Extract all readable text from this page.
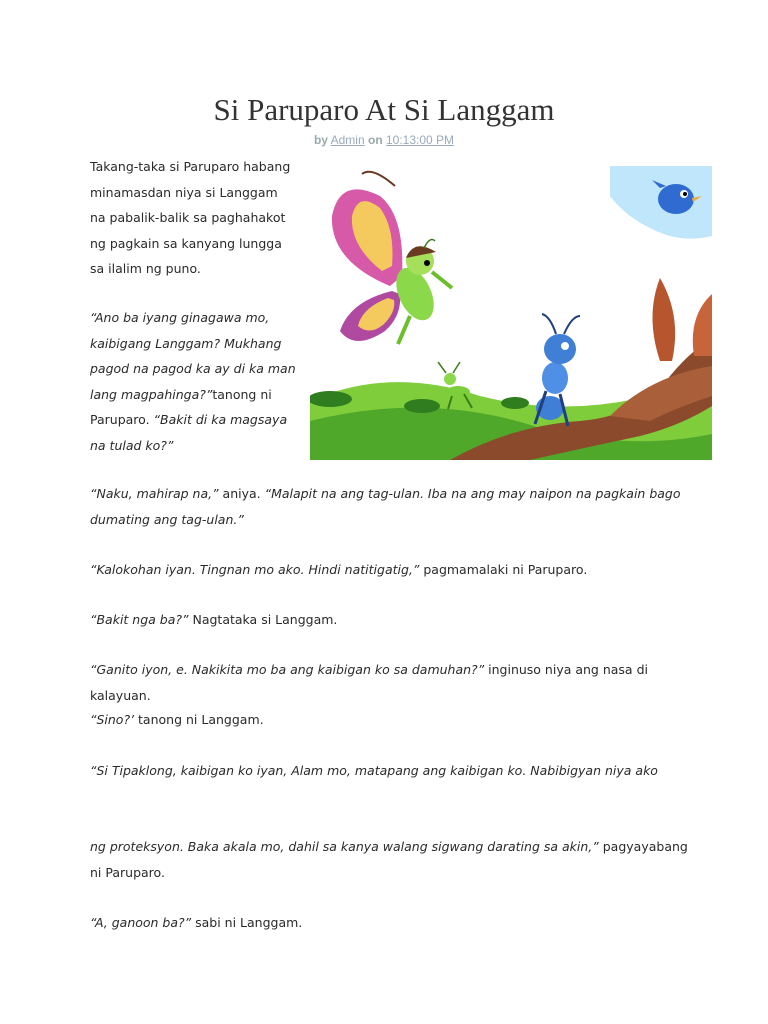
Si Paruparo At Si Langgam
by Admin on 10:13:00 PM
Takang-taka si Paruparo habang minamasdan niya si Langgam na pabalik-balik sa paghahakot ng pagkain sa kanyang lungga sa ilalim ng puno.
“Ano ba iyang ginagawa mo, kaibigang Langgam? Mukhang pagod na pagod ka ay di ka man lang magpahinga?”tanong ni Paruparo. “Bakit di ka magsaya na tulad ko?”
“Naku, mahirap na,” aniya. “Malapit na ang tag-ulan. Iba na ang may naipon na pagkain bago dumating ang tag-ulan.”
“Kalokohan iyan. Tingnan mo ako. Hindi natitigatig,” pagmamalaki ni Paruparo.
“Bakit nga ba?” Nagtataka si Langgam.
“Ganito iyon, e. Nakikita mo ba ang kaibigan ko sa damuhan?” inginuso niya ang nasa di kalayuan.
“Sino?’ tanong ni Langgam.
“Si Tipaklong, kaibigan ko iyan, Alam mo, matapang ang kaibigan ko. Nabibigyan niya ako
ng proteksyon. Baka akala mo, dahil sa kanya walang sigwang darating sa akin,” pagyayabang ni Paruparo.
“A, ganoon ba?” sabi ni Langgam.
